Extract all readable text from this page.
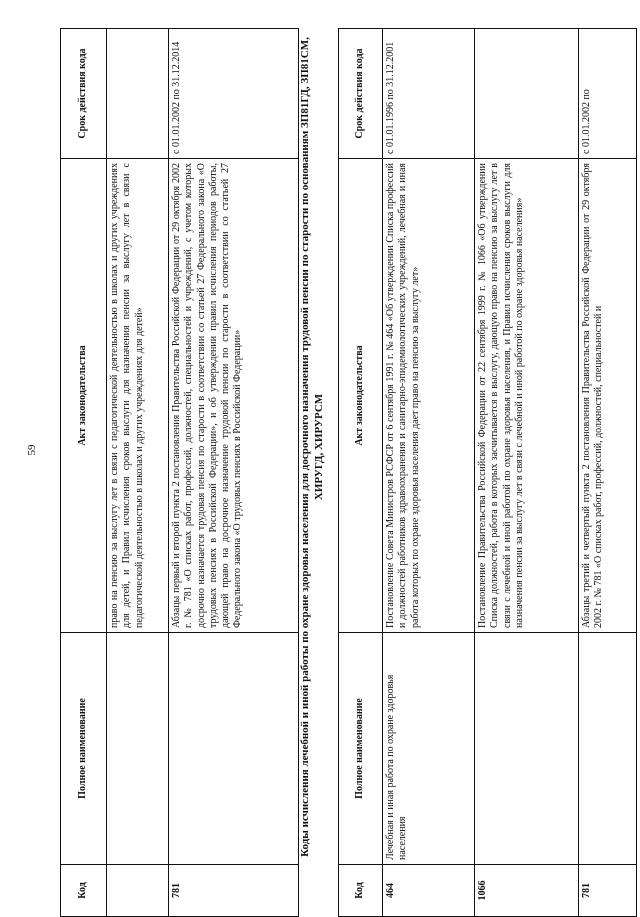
59
Код	Полное наименование	Акт законодательства	Срок действия кода
		право на пенсию за выслугу лет в связи с педагогической деятельностью в школах и других учреждениях для детей, и Правил исчисления сроков выслуги для назначения пенсии за выслугу лет в связи с педагогической деятельностью в школах и других учреждениях для детей»	
781		Абзацы первый и второй пункта 2 постановления Правительства Российской Федерации от 29 октября 2002 г. № 781 «О списках работ, профессий, должностей, специальностей и учреждений, с учетом которых досрочно назначается трудовая пенсия по старости в соответствии со статьей 27 Федерального закона «О трудовых пенсиях в Российской Федерации», и об утверждении правил исчисления периодов работы, дающей право на досрочное назначение трудовой пенсии по старости в соответствии со статьей 27 Федерального закона «О трудовых пенсиях в Российской Федерации»	с 01.01.2002 по 31.12.2014	Коды исчисления лечебной и иной работы по охране здоровья населения для досрочного назначения трудовой пенсии по старости по основаниям ЗП81ГД, ЗП81СМ, ХИРУГД, ХИРУРСМ
Код	Полное наименование	Акт законодательства	Срок действия кода
464	Лечебная и иная работа по охране здоровья населения	Постановление Совета Министров РСФСР от 6 сентября 1991 г. № 464 «Об утверждении Списка профессий и должностей работников здравоохранения и санитарно-эпидемиологических учреждений, лечебная и иная работа которых по охране здоровья населения дает право на пенсию за выслугу лет»	с 01.01.1996 по 31.12.2001
1066		Постановление Правительства Российской Федерации от 22 сентября 1999 г. № 1066 «Об утверждении Списка должностей, работа в которых засчитывается в выслугу, дающую право на пенсию за выслугу лет в связи с лечебной и иной работой по охране здоровья населения, и Правил исчисления сроков выслуги для назначения пенсии за выслугу лет в связи с лечебной и иной работой по охране здоровья населения»	
781		Абзацы третий и четвертый пункта 2 постановления Правительства Российской Федерации от 29 октября 2002 г. № 781 «О списках работ, профессий, должностей, специальностей и	с 01.01.2002 по
